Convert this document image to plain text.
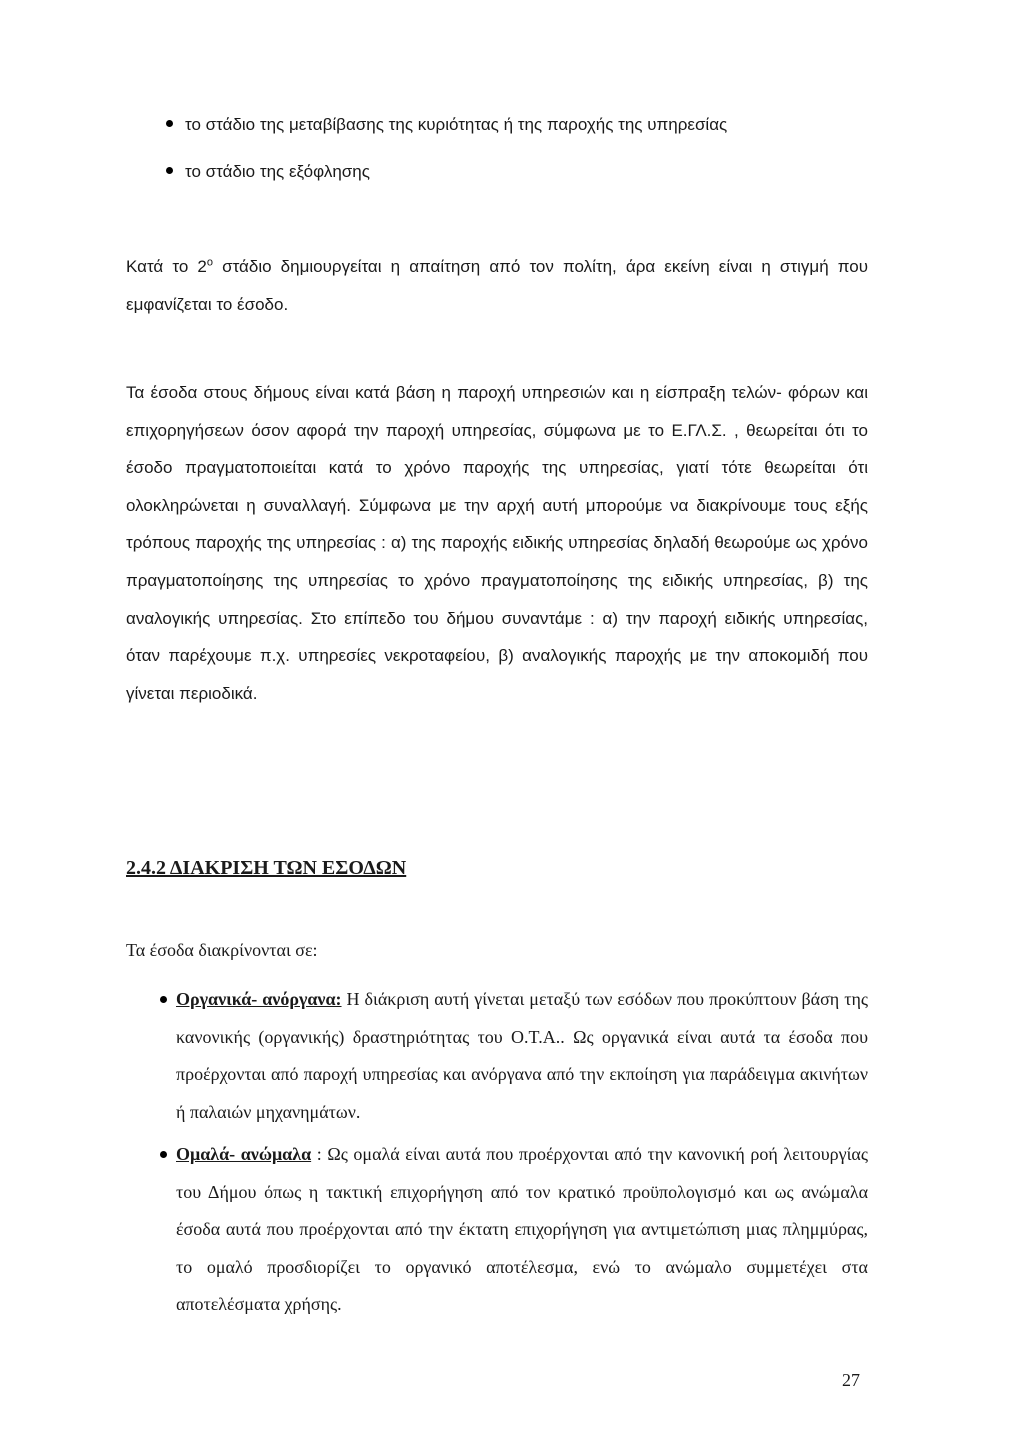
το στάδιο της μεταβίβασης της κυριότητας ή της παροχής της υπηρεσίας
το στάδιο της εξόφλησης
Κατά το $2^o$ στάδιο δημιουργείται η απαίτηση από τον πολίτη, άρα εκείνη είναι η στιγμή που εμφανίζεται το έσοδο.
Τα έσοδα στους δήμους είναι κατά βάση η παροχή υπηρεσιών και η είσπραξη τελών- φόρων και επιχορηγήσεων όσον αφορά την παροχή υπηρεσίας, σύμφωνα με το Ε.ΓΛ.Σ. , θεωρείται ότι το έσοδο πραγματοποιείται κατά το χρόνο παροχής της υπηρεσίας, γιατί τότε θεωρείται ότι ολοκληρώνεται η συναλλαγή. Σύμφωνα με την αρχή αυτή μπορούμε να διακρίνουμε τους εξής τρόπους παροχής της υπηρεσίας : α) της παροχής ειδικής υπηρεσίας δηλαδή θεωρούμε ως χρόνο πραγματοποίησης της υπηρεσίας το χρόνο πραγματοποίησης της ειδικής υπηρεσίας, β) της αναλογικής υπηρεσίας. Στο επίπεδο του δήμου συναντάμε : α) την παροχή ειδικής υπηρεσίας, όταν παρέχουμε π.χ. υπηρεσίες νεκροταφείου, β) αναλογικής παροχής με την αποκομιδή που γίνεται περιοδικά.
2.4.2 ΔΙΑΚΡΙΣΗ ΤΩΝ ΕΣΟΔΩΝ
Τα έσοδα διακρίνονται σε:
Οργανικά- ανόργανα: Η διάκριση αυτή γίνεται μεταξύ των εσόδων που προκύπτουν βάση της κανονικής (οργανικής) δραστηριότητας του Ο.Τ.Α.. Ως οργανικά είναι αυτά τα έσοδα που προέρχονται από παροχή υπηρεσίας και ανόργανα από την εκποίηση για παράδειγμα ακινήτων ή παλαιών μηχανημάτων.
Ομαλά- ανώμαλα : Ως ομαλά είναι αυτά που προέρχονται από την κανονική ροή λειτουργίας του Δήμου όπως η τακτική επιχορήγηση από τον κρατικό προϋπολογισμό και ως ανώμαλα έσοδα αυτά που προέρχονται από την έκτατη επιχορήγηση για αντιμετώπιση μιας πλημμύρας, το ομαλό προσδιορίζει το οργανικό αποτέλεσμα, ενώ το ανώμαλο συμμετέχει στα αποτελέσματα χρήσης.
27
